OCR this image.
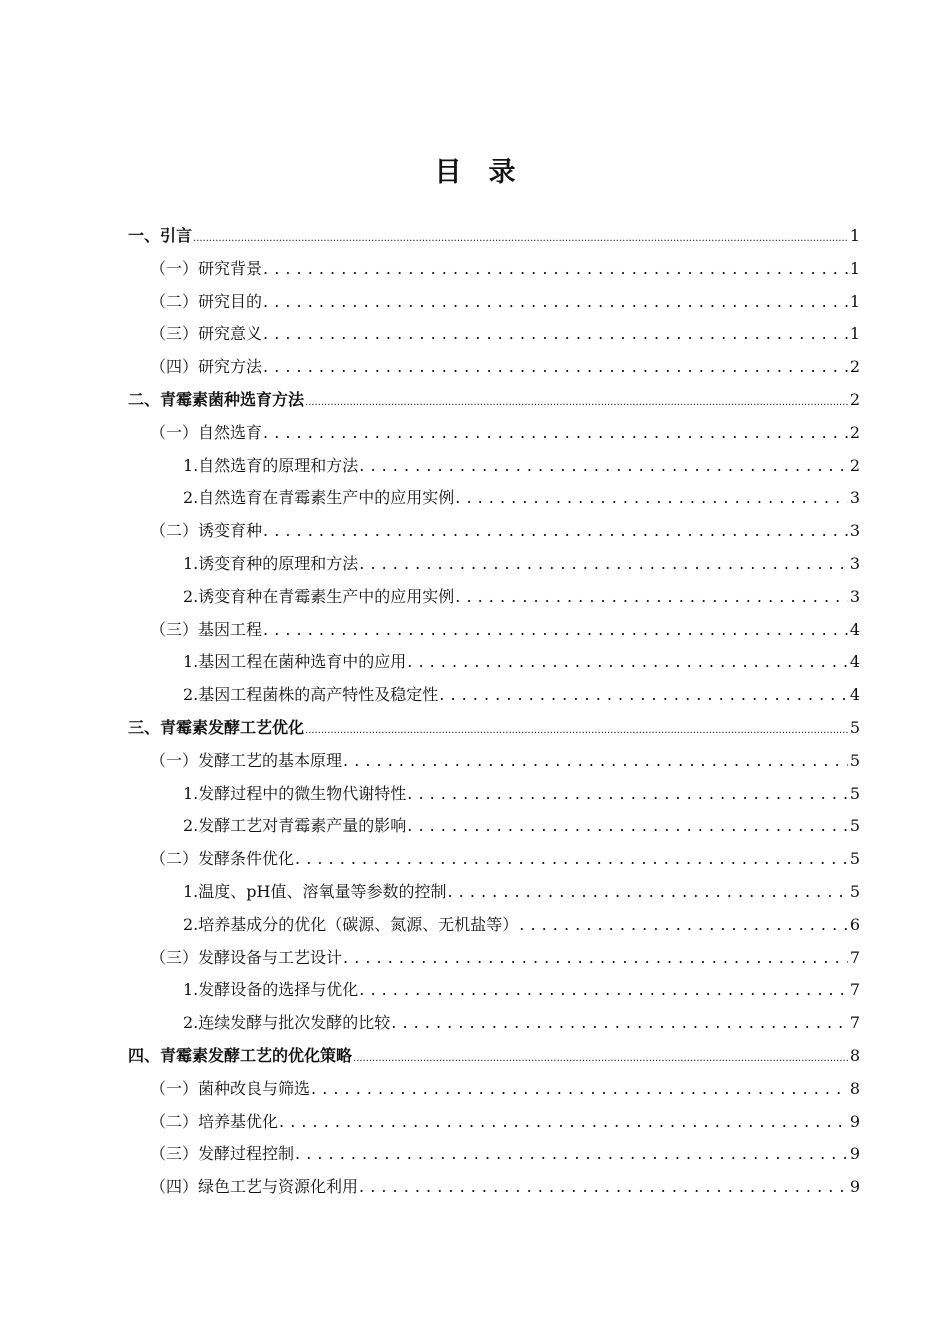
目　录
一、引言 .....	1
（一）研究背景 . . .	1
（二）研究目的 . . .	1
（三）研究意义 . . .	1
（四）研究方法 . . .	2
二、青霉素菌种选育方法 .....	2
（一）自然选育 . . .	2
1.自然选育的原理和方法 . . .	2
2.自然选育在青霉素生产中的应用实例 . . .	3
（二）诱变育种 . . .	3
1.诱变育种的原理和方法 . . .	3
2.诱变育种在青霉素生产中的应用实例 . . .	3
（三）基因工程 . . .	4
1.基因工程在菌种选育中的应用 . . .	4
2.基因工程菌株的高产特性及稳定性 . . .	4
三、青霉素发酵工艺优化 .....	5
（一）发酵工艺的基本原理 . . .	5
1.发酵过程中的微生物代谢特性 . . .	5
2.发酵工艺对青霉素产量的影响 . . .	5
（二）发酵条件优化 . . .	5
1.温度、pH值、溶氧量等参数的控制 . . .	5
2.培养基成分的优化（碳源、氮源、无机盐等） . . .	6
（三）发酵设备与工艺设计 . . .	7
1.发酵设备的选择与优化 . . .	7
2.连续发酵与批次发酵的比较 . . .	7
四、青霉素发酵工艺的优化策略 .....	8
（一）菌种改良与筛选 . . .	8
（二）培养基优化 . . .	9
（三）发酵过程控制 . . .	9
（四）绿色工艺与资源化利用 . . .	9
